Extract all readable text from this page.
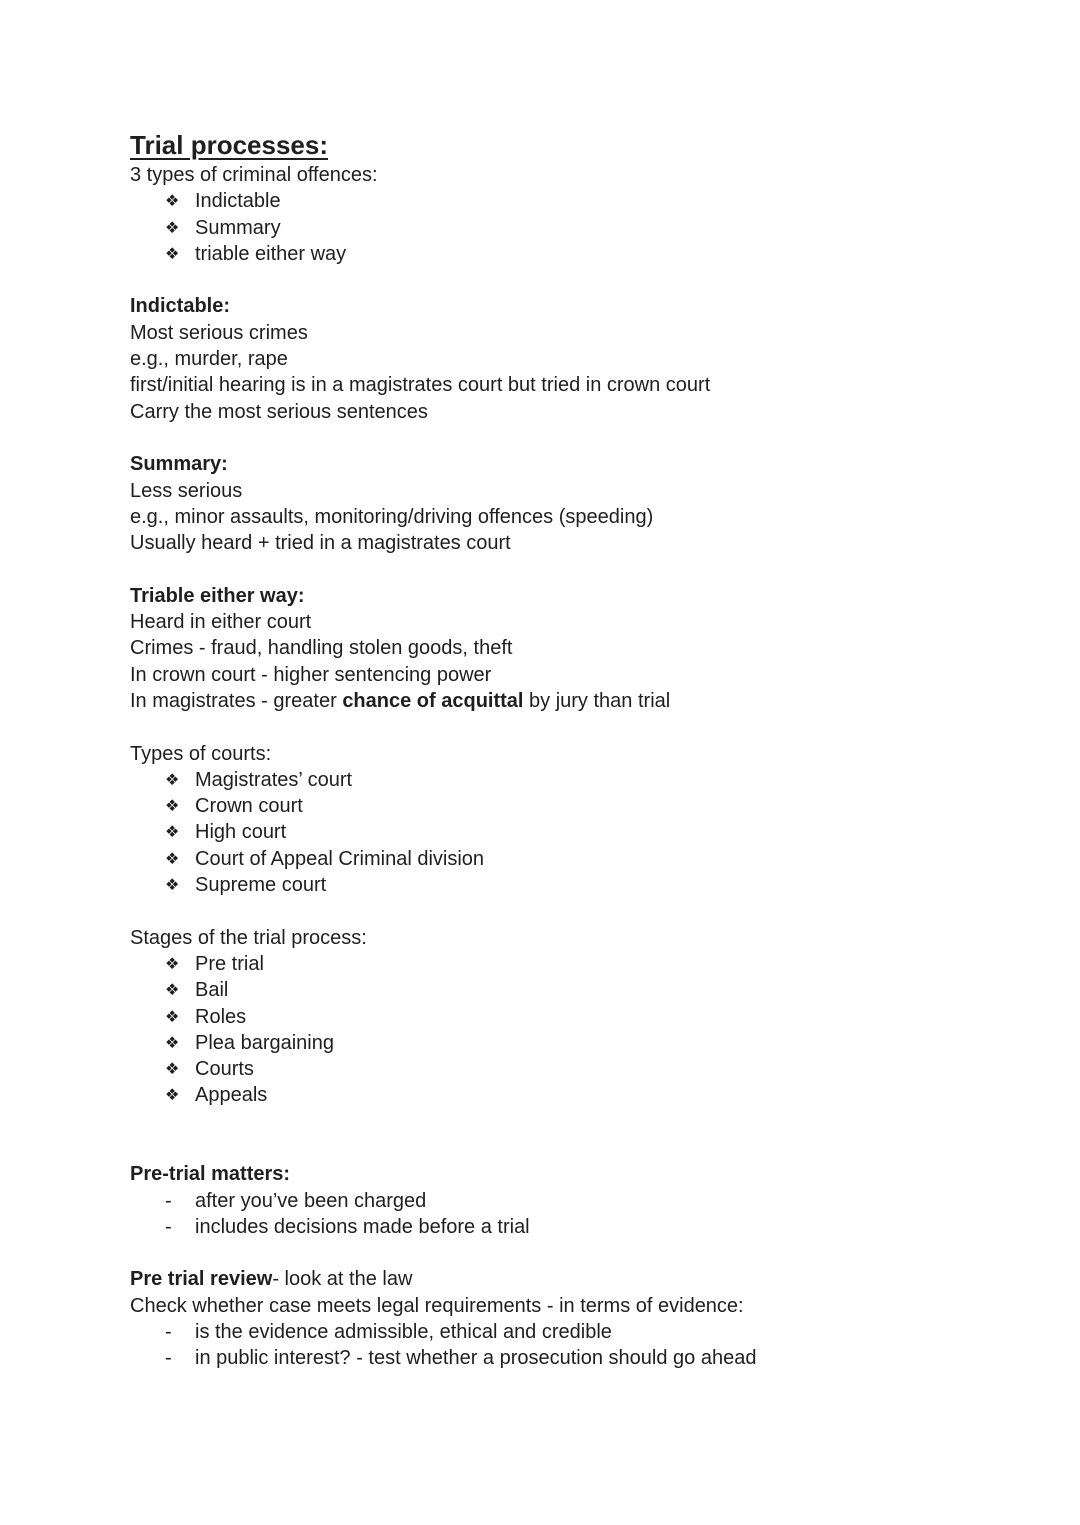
Trial processes:

3 types of criminal offences:

❖ Indictable
❖ Summary
❖ triable either way

Indictable:

Most serious crimes

e.g., murder, rape

first/initial hearing is in a magistrates court but tried in crown court

Carry the most serious sentences

Summary:

Less serious

e.g., minor assaults, monitoring/driving offences (speeding)

Usually heard + tried in a magistrates court

Triable either way:

Heard in either court

Crimes - fraud, handling stolen goods, theft

In crown court - higher sentencing power

In magistrates - greater chance of acquittal by jury than trial

Types of courts:

❖ Magistrates’ court
❖ Crown court
❖ High court
❖ Court of Appeal Criminal division
❖ Supreme court

Stages of the trial process:

❖ Pre trial
❖ Bail
❖ Roles
❖ Plea bargaining
❖ Courts
❖ Appeals

Pre-trial matters:

- after you’ve been charged
- includes decisions made before a trial

Pre trial review- look at the law

Check whether case meets legal requirements - in terms of evidence:

- is the evidence admissible, ethical and credible
- in public interest? - test whether a prosecution should go ahead
